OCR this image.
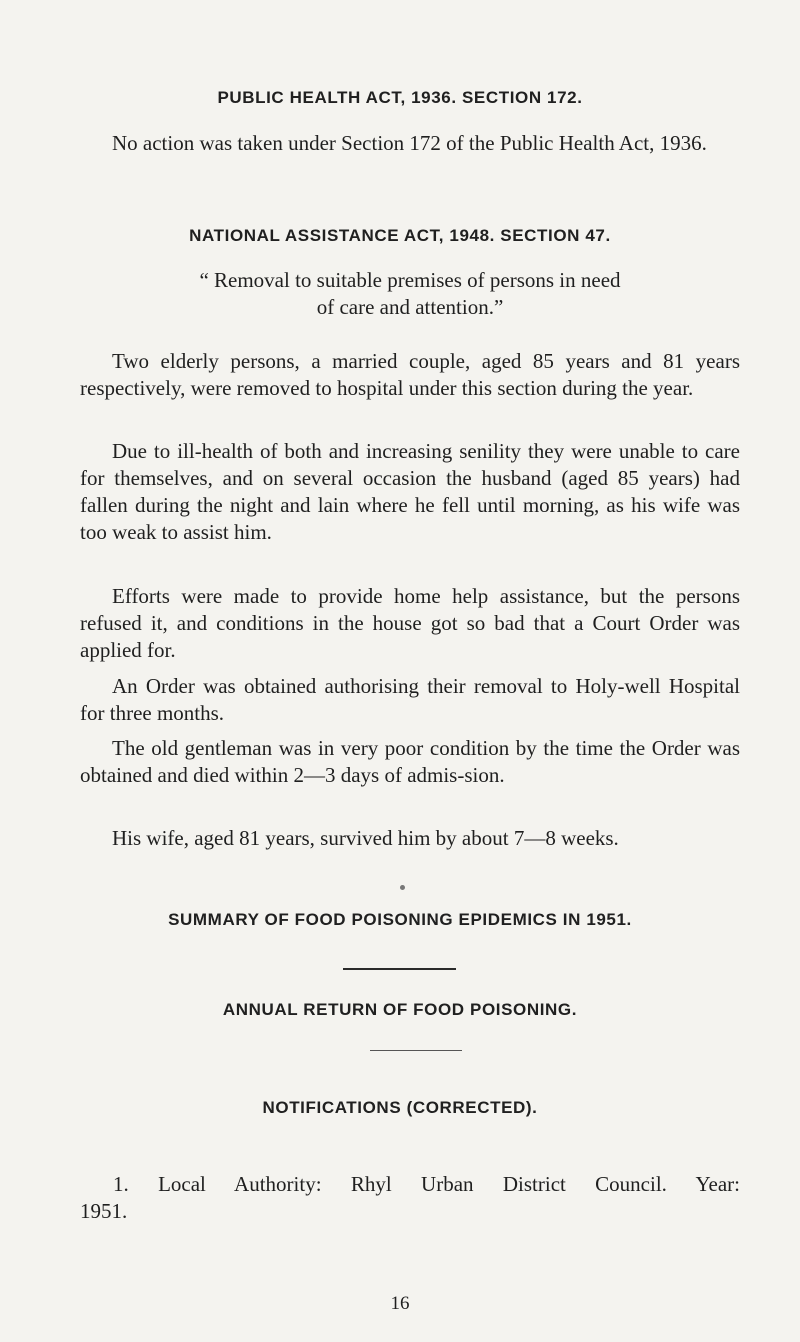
PUBLIC HEALTH ACT, 1936. SECTION 172.

No action was taken under Section 172 of the Public Health Act, 1936.

NATIONAL ASSISTANCE ACT, 1948. SECTION 47.

“ Removal to suitable premises of persons in need

of care and attention.”

Two elderly persons, a married couple, aged 85 years and 81 years respectively, were removed to hospital under this section during the year.

Due to ill-health of both and increasing senility they were unable to care for themselves, and on several occasion the husband (aged 85 years) had fallen during the night and lain where he fell until morning, as his wife was too weak to assist him.

Efforts were made to provide home help assistance, but the persons refused it, and conditions in the house got so bad that a Court Order was applied for.

An Order was obtained authorising their removal to Holy-well Hospital for three months.

The old gentleman was in very poor condition by the time the Order was obtained and died within 2—3 days of admis-sion.

His wife, aged 81 years, survived him by about 7—8 weeks.

SUMMARY OF FOOD POISONING EPIDEMICS IN 1951.
ANNUAL RETURN OF FOOD POISONING.
NOTIFICATIONS (CORRECTED).
1. Local Authority: Rhyl Urban District Council. Year:
1951.
16
